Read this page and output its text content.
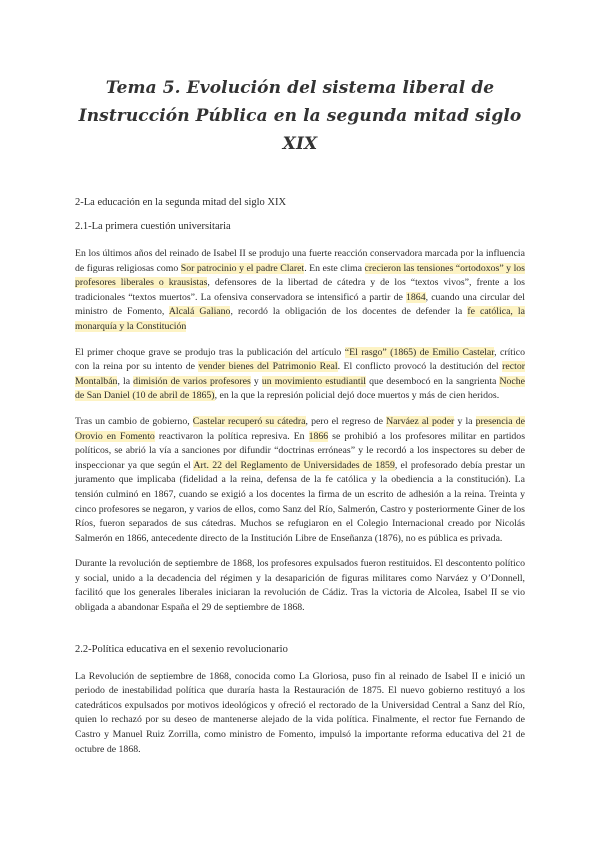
Tema 5. Evolución del sistema liberal de Instrucción Pública en la segunda mitad siglo XIX
2-La educación en la segunda mitad del siglo XIX
2.1-La primera cuestión universitaria

En los últimos años del reinado de Isabel II se produjo una fuerte reacción conservadora marcada por la influencia de figuras religiosas como Sor patrocinio y el padre Claret. En este clima crecieron las tensiones “ortodoxos” y los profesores liberales o krausistas, defensores de la libertad de cátedra y de los “textos vivos”, frente a los tradicionales “textos muertos”. La ofensiva conservadora se intensificó a partir de 1864, cuando una circular del ministro de Fomento, Alcalá Galiano, recordó la obligación de los docentes de defender la fe católica, la monarquía y la Constitución

El primer choque grave se produjo tras la publicación del artículo “El rasgo” (1865) de Emilio Castelar, crítico con la reina por su intento de vender bienes del Patrimonio Real. El conflicto provocó la destitución del rector Montalbán, la dimisión de varios profesores y un movimiento estudiantil que desembocó en la sangrienta Noche de San Daniel (10 de abril de 1865), en la que la represión policial dejó doce muertos y más de cien heridos.

Tras un cambio de gobierno, Castelar recuperó su cátedra, pero el regreso de Narváez al poder y la presencia de Orovio en Fomento reactivaron la política represiva. En 1866 se prohibió a los profesores militar en partidos políticos, se abrió la vía a sanciones por difundir “doctrinas erróneas” y le recordó a los inspectores su deber de inspeccionar ya que según el Art. 22 del Reglamento de Universidades de 1859, el profesorado debía prestar un juramento que implicaba (fidelidad a la reina, defensa de la fe católica y la obediencia a la constitución). La tensión culminó en 1867, cuando se exigió a los docentes la firma de un escrito de adhesión a la reina. Treinta y cinco profesores se negaron, y varios de ellos, como Sanz del Río, Salmerón, Castro y posteriormente Giner de los Ríos, fueron separados de sus cátedras. Muchos se refugiaron en el Colegio Internacional creado por Nicolás Salmerón en 1866, antecedente directo de la Institución Libre de Enseñanza (1876), no es pública es privada.

Durante la revolución de septiembre de 1868, los profesores expulsados fueron restituidos. El descontento político y social, unido a la decadencia del régimen y la desaparición de figuras militares como Narváez y O’Donnell, facilitó que los generales liberales iniciaran la revolución de Cádiz. Tras la victoria de Alcolea, Isabel II se vio obligada a abandonar España el 29 de septiembre de 1868.

2.2-Política educativa en el sexenio revolucionario

La Revolución de septiembre de 1868, conocida como La Gloriosa, puso fin al reinado de Isabel II e inició un periodo de inestabilidad política que duraría hasta la Restauración de 1875. El nuevo gobierno restituyó a los catedráticos expulsados por motivos ideológicos y ofreció el rectorado de la Universidad Central a Sanz del Río, quien lo rechazó por su deseo de mantenerse alejado de la vida política. Finalmente, el rector fue Fernando de Castro y Manuel Ruiz Zorrilla, como ministro de Fomento, impulsó la importante reforma educativa del 21 de octubre de 1868.
